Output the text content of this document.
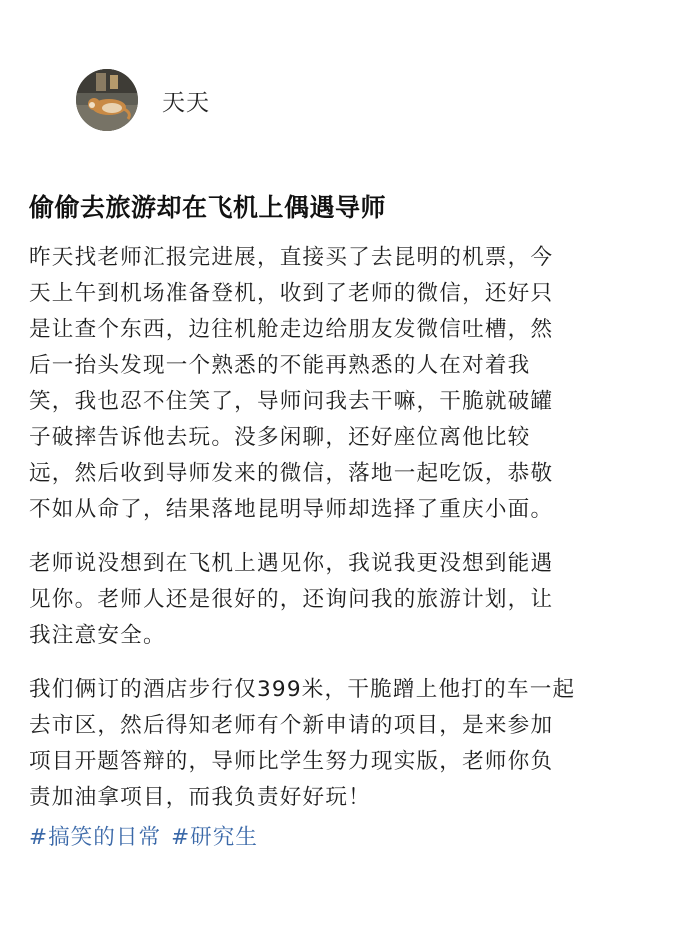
天天
偷偷去旅游却在飞机上偶遇导师

昨天找老师汇报完进展，直接买了去昆明的机票，今
天上午到机场准备登机，收到了老师的微信，还好只
是让查个东西，边往机舱走边给朋友发微信吐槽，然
后一抬头发现一个熟悉的不能再熟悉的人在对着我
笑，我也忍不住笑了，导师问我去干嘛，干脆就破罐
子破摔告诉他去玩。没多闲聊，还好座位离他比较
远，然后收到导师发来的微信，落地一起吃饭，恭敬
不如从命了，结果落地昆明导师却选择了重庆小面。

老师说没想到在飞机上遇见你，我说我更没想到能遇
见你。老师人还是很好的，还询问我的旅游计划，让
我注意安全。

我们俩订的酒店步行仅399米，干脆蹭上他打的车一起
去市区，然后得知老师有个新申请的项目，是来参加
项目开题答辩的，导师比学生努力现实版，老师你负
责加油拿项目，而我负责好好玩！

#搞笑的日常 #研究生
